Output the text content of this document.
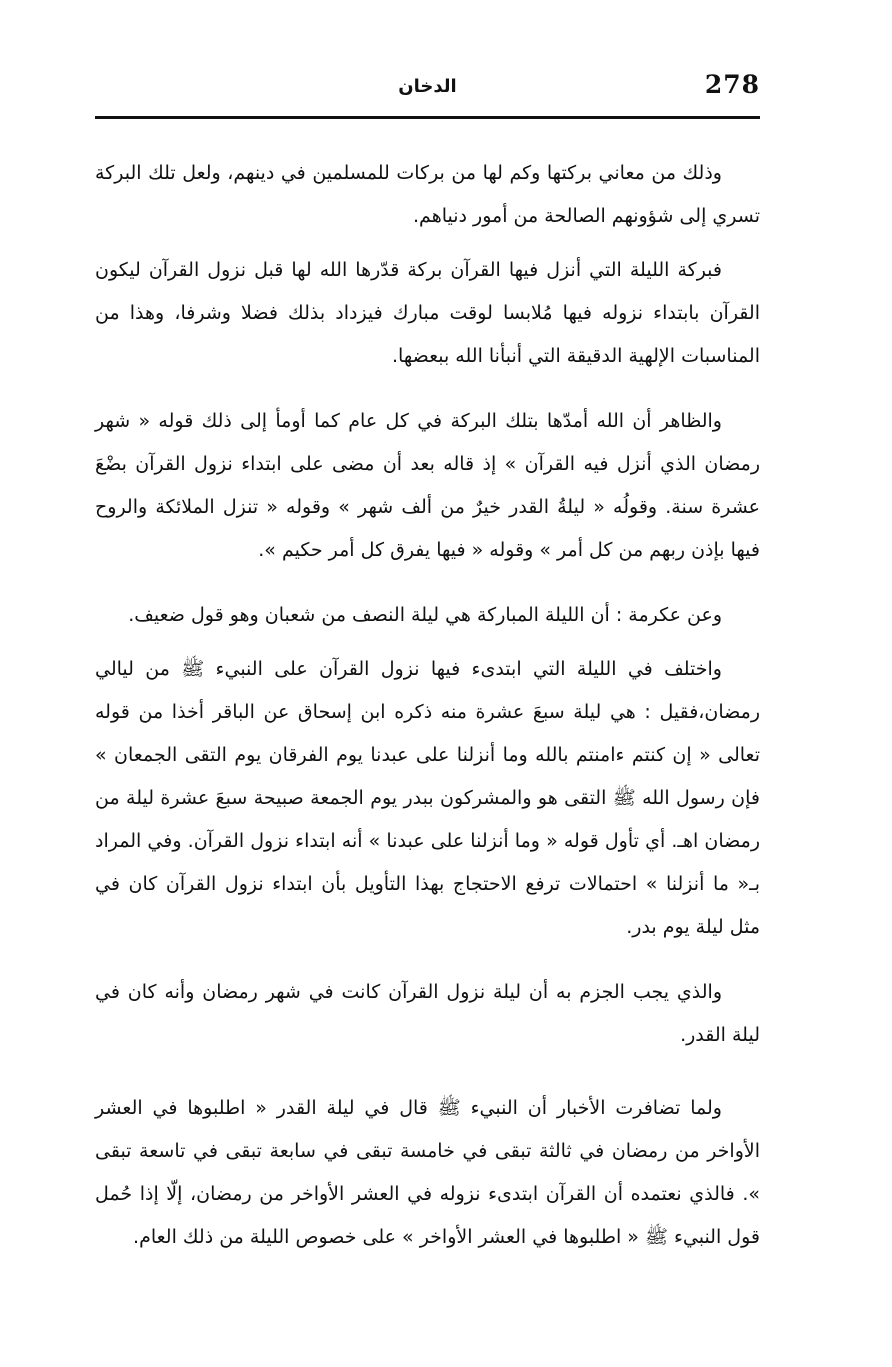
الدخان	278

وذلك من معاني بركتها وكم لها من بركات للمسلمين في دينهم، ولعل تلك البركة تسري إلى شؤونهم الصالحة من أمور دنياهم.

فبركة الليلة التي أنزل فيها القرآن بركة قدّرها الله لها قبل نزول القرآن ليكون القرآن بابتداء نزوله فيها مُلابسا لوقت مبارك فيزداد بذلك فضلا وشرفا، وهذا من المناسبات الإلهية الدقيقة التي أنبأنا الله ببعضها.

والظاهر أن الله أمدّها بتلك البركة في كل عام كما أومأ إلى ذلك قوله « شهر رمضان الذي أنزل فيه القرآن » إذ قاله بعد أن مضى على ابتداء نزول القرآن بضْعَ عشرة سنة. وقولُه « ليلةُ القدر خيرٌ من ألف شهر » وقوله « تنزل الملائكة والروح فيها بإذن ربهم من كل أمر » وقوله « فيها يفرق كل أمر حكيم ».

وعن عكرمة : أن الليلة المباركة هي ليلة النصف من شعبان وهو قول ضعيف.

واختلف في الليلة التي ابتدىء فيها نزول القرآن على النبيء ﷺ من ليالي رمضان،فقيل : هي ليلة سبعَ عشرة منه ذكره ابن إسحاق عن الباقر أخذا من قوله تعالى « إن كنتم ءامنتم بالله وما أنزلنا على عبدنا يوم الفرقان يوم التقى الجمعان » فإن رسول الله ﷺ التقى هو والمشركون ببدر يوم الجمعة صبيحة سبعَ عشرة ليلة من رمضان اهـ. أي تأول قوله « وما أنزلنا على عبدنا » أنه ابتداء نزول القرآن. وفي المراد بـ« ما أنزلنا » احتمالات ترفع الاحتجاج بهذا التأويل بأن ابتداء نزول القرآن كان في مثل ليلة يوم بدر.

والذي يجب الجزم به أن ليلة نزول القرآن كانت في شهر رمضان وأنه كان في ليلة القدر.

ولما تضافرت الأخبار أن النبيء ﷺ قال في ليلة القدر « اطلبوها في العشر الأواخر من رمضان في ثالثة تبقى في خامسة تبقى في سابعة تبقى في تاسعة تبقى ». فالذي نعتمده أن القرآن ابتدىء نزوله في العشر الأواخر من رمضان، إلّا إذا حُمل قول النبيء ﷺ « اطلبوها في العشر الأواخر » على خصوص الليلة من ذلك العام.
